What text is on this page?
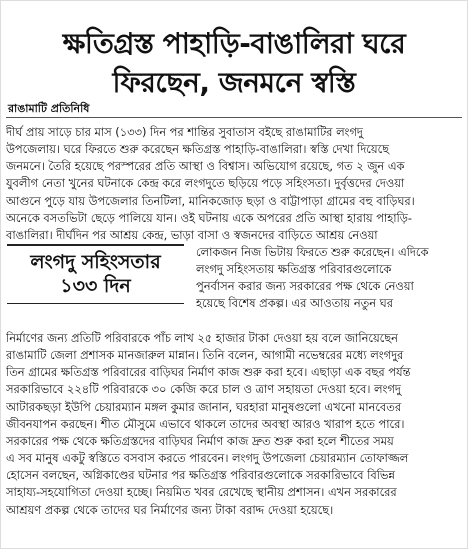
ক্ষতিগ্রস্ত পাহাড়ি-বাঙালিরা ঘরে
ফিরছেন, জনমনে স্বস্তি
রাঙামাটি প্রতিনিধি
দীর্ঘ প্রায় সাড়ে চার মাস (১৩৩) দিন পর শান্তির সুবাতাস বইছে রাঙামাটির লংগদু
উপজেলায়। ঘরে ফিরতে শুরু করেছেন ক্ষতিগ্রস্ত পাহাড়ি-বাঙালিরা। স্বস্তি দেখা দিয়েছে
জনমনে। তৈরি হয়েছে পরস্পরের প্রতি আস্থা ও বিশ্বাস। অভিযোগ রয়েছে, গত ২ জুন এক
যুবলীগ নেতা খুনের ঘটনাকে কেন্দ্র করে লংগদুতে ছড়িয়ে পড়ে সহিংসতা। দুর্বৃত্তদের দেওয়া
আগুনে পুড়ে যায় উপজেলার তিনটিলা, মানিকজোড় ছড়া ও বাট্টাপাড়া গ্রামের বহু বাড়িঘর।
অনেকে বসতভিটা ছেড়ে পালিয়ে যান। ওই ঘটনায় একে অপরের প্রতি আস্থা হারায় পাহাড়ি-
বাঙালিরা। দীর্ঘদিন পর আশ্রয় কেন্দ্র, ভাড়া বাসা ও স্বজনদের বাড়িতে আশ্রয় নেওয়া
লংগদু সহিংসতার
১৩৩ দিন
লোকজন নিজ ভিটায় ফিরতে শুরু করেছেন। এদিকে
লংগদু সহিংসতায় ক্ষতিগ্রস্ত পরিবারগুলোকে
পুনর্বাসন করার জন্য সরকারের পক্ষ থেকে নেওয়া
হয়েছে বিশেষ প্রকল্প। এর আওতায় নতুন ঘর
নির্মাণের জন্য প্রতিটি পরিবারকে পাঁচ লাখ ২৫ হাজার টাকা দেওয়া হয় বলে জানিয়েছেন
রাঙামাটি জেলা প্রশাসক মানজারুল মান্নান। তিনি বলেন, আগামী নভেম্বরের মধ্যে লংগদুর
তিন গ্রামের ক্ষতিগ্রস্ত পরিবারের বাড়িঘর নির্মাণ কাজ শুরু করা হবে। এছাড়া এক বছর পর্যন্ত
সরকারিভাবে ২২৪টি পরিবারকে ৩০ কেজি করে চাল ও ত্রাণ সহায়তা দেওয়া হবে। লংগদু
আটারকছড়া ইউপি চেয়ারম্যান মঙ্গল কুমার জানান, ঘরহারা মানুষগুলো এখনো মানবেতর
জীবনযাপন করছেন। শীত মৌসুমে এভাবে থাকলে তাদের অবস্থা আরও খারাপ হতে পারে।
সরকারের পক্ষ থেকে ক্ষতিগ্রস্তদের বাড়িঘর নির্মাণ কাজ দ্রুত শুরু করা হলে শীতের সময়
এ সব মানুষ একটু স্বস্তিতে বসবাস করতে পারবেন। লংগদু উপজেলা চেয়ারম্যান তোফাজ্জল
হোসেন বলছেন, অগ্নিকাণ্ডের ঘটনার পর ক্ষতিগ্রস্ত পরিবারগুলোকে সরকারিভাবে বিভিন্ন
সাহায্য-সহযোগিতা দেওয়া হচ্ছে। নিয়মিত খবর রেখেছে স্থানীয় প্রশাসন। এখন সরকারের
আশ্রয়ণ প্রকল্প থেকে তাদের ঘর নির্মাণের জন্য টাকা বরাদ্দ দেওয়া হয়েছে।
